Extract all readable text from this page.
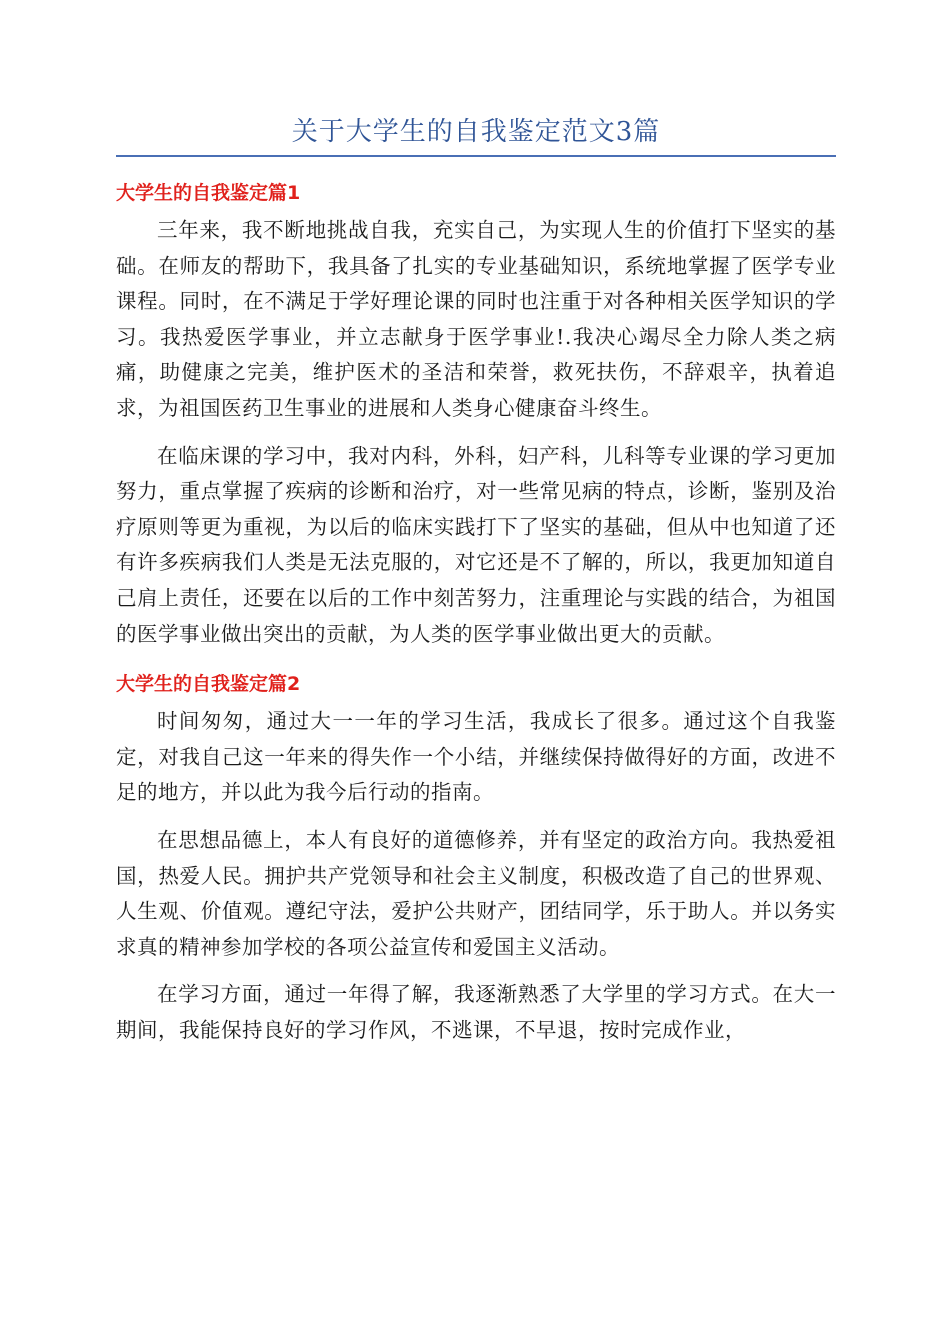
关于大学生的自我鉴定范文3篇
大学生的自我鉴定篇1

三年来，我不断地挑战自我，充实自己，为实现人生的价值打下坚实的基础。在师友的帮助下，我具备了扎实的专业基础知识，系统地掌握了医学专业课程。同时，在不满足于学好理论课的同时也注重于对各种相关医学知识的学习。我热爱医学事业，并立志献身于医学事业!.我决心竭尽全力除人类之病痛，助健康之完美，维护医术的圣洁和荣誉，救死扶伤，不辞艰辛，执着追求，为祖国医药卫生事业的进展和人类身心健康奋斗终生。

在临床课的学习中，我对内科，外科，妇产科，儿科等专业课的学习更加努力，重点掌握了疾病的诊断和治疗，对一些常见病的特点，诊断，鉴别及治疗原则等更为重视，为以后的临床实践打下了坚实的基础，但从中也知道了还有许多疾病我们人类是无法克服的，对它还是不了解的，所以，我更加知道自己肩上责任，还要在以后的工作中刻苦努力，注重理论与实践的结合，为祖国的医学事业做出突出的贡献，为人类的医学事业做出更大的贡献。

大学生的自我鉴定篇2

时间匆匆，通过大一一年的学习生活，我成长了很多。通过这个自我鉴定，对我自己这一年来的得失作一个小结，并继续保持做得好的方面，改进不足的地方，并以此为我今后行动的指南。

在思想品德上，本人有良好的道德修养，并有坚定的政治方向。我热爱祖国，热爱人民。拥护共产党领导和社会主义制度，积极改造了自己的世界观、人生观、价值观。遵纪守法，爱护公共财产，团结同学，乐于助人。并以务实求真的精神参加学校的各项公益宣传和爱国主义活动。

在学习方面，通过一年得了解，我逐渐熟悉了大学里的学习方式。在大一期间，我能保持良好的学习作风，不逃课，不早退，按时完成作业，
